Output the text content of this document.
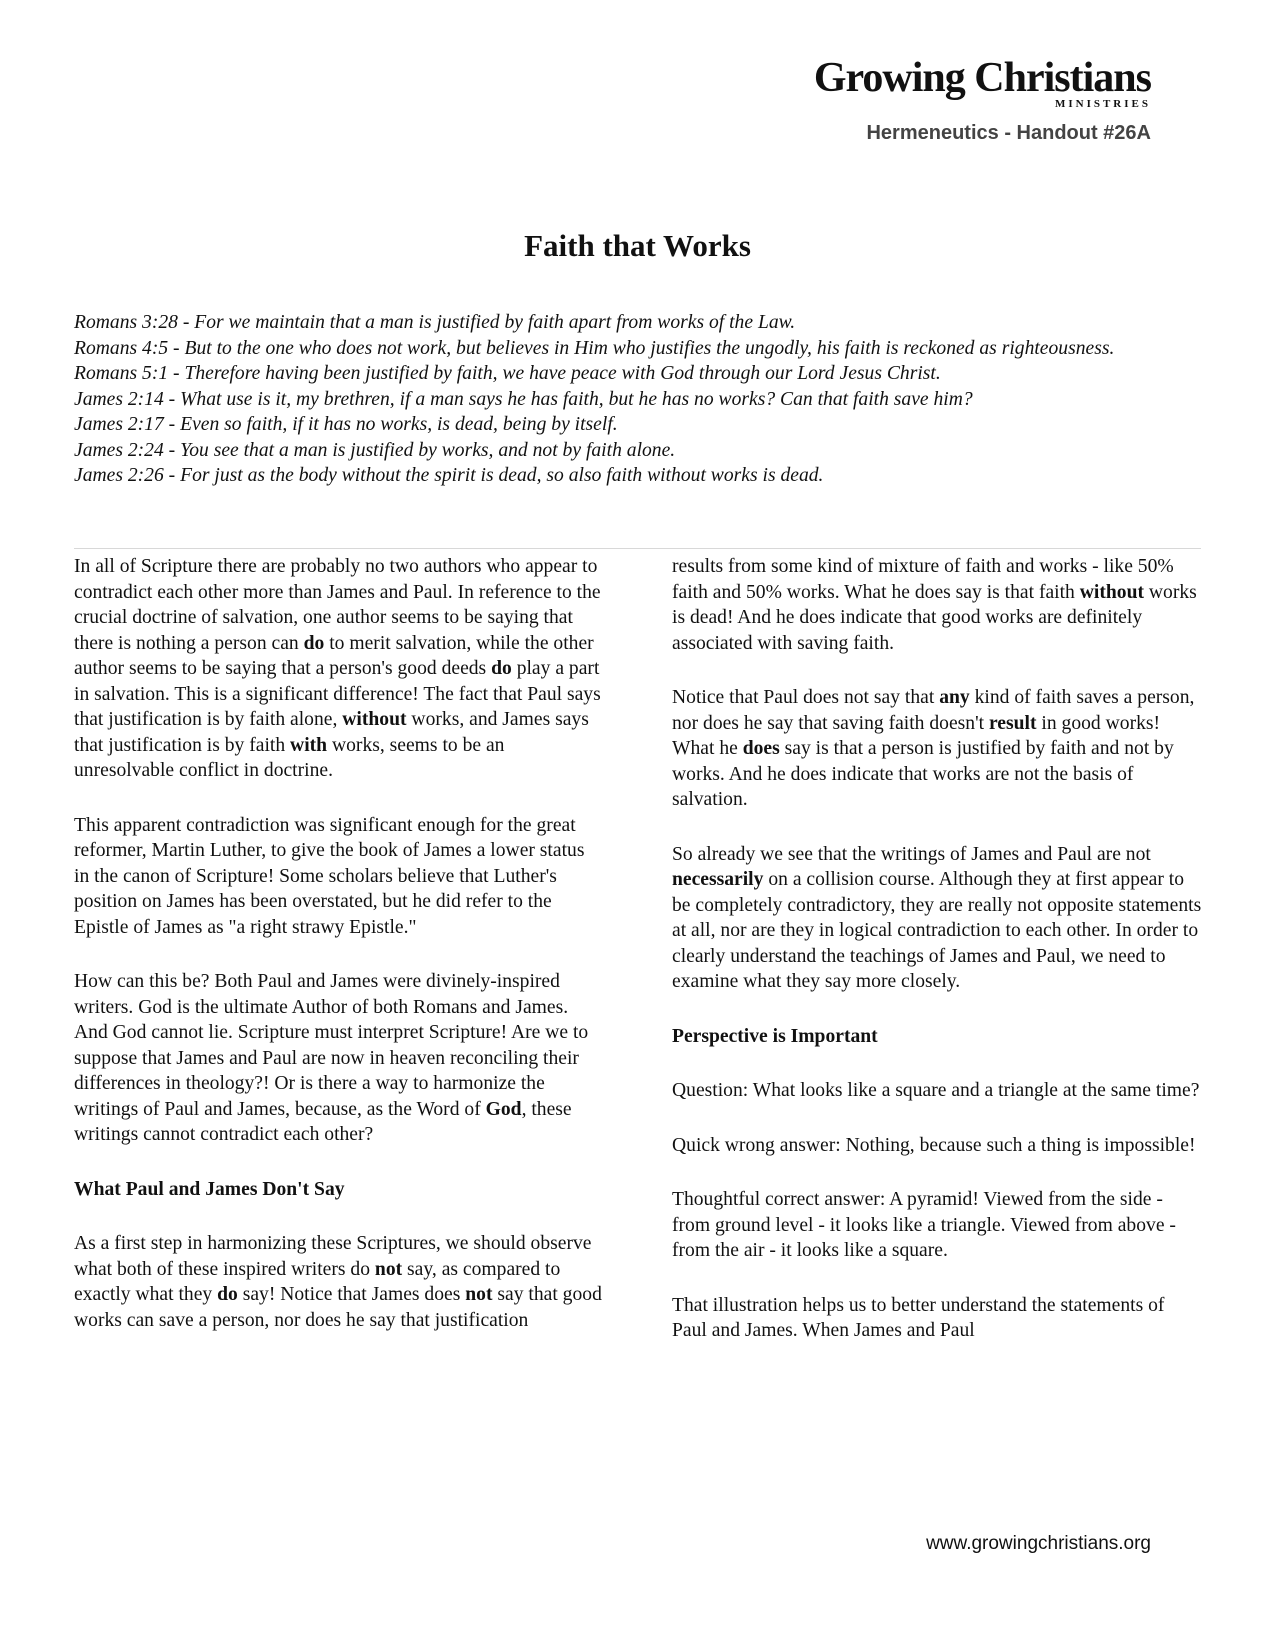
Growing Christians
MINISTRIES
Hermeneutics - Handout #26A
Faith that Works
Romans 3:28 - For we maintain that a man is justified by faith apart from works of the Law.
Romans 4:5 - But to the one who does not work, but believes in Him who justifies the ungodly, his faith is reckoned as righteousness.
Romans 5:1 - Therefore having been justified by faith, we have peace with God through our Lord Jesus Christ.
James 2:14 - What use is it, my brethren, if a man says he has faith, but he has no works? Can that faith save him?
James 2:17 - Even so faith, if it has no works, is dead, being by itself.
James 2:24 - You see that a man is justified by works, and not by faith alone.
James 2:26 - For just as the body without the spirit is dead, so also faith without works is dead.

In all of Scripture there are probably no two authors who appear to contradict each other more than James and Paul. In reference to the crucial doctrine of salvation, one author seems to be saying that there is nothing a person can do to merit salvation, while the other author seems to be saying that a person's good deeds do play a part in salvation. This is a significant difference! The fact that Paul says that justification is by faith alone, without works, and James says that justification is by faith with works, seems to be an unresolvable conflict in doctrine.

This apparent contradiction was significant enough for the great reformer, Martin Luther, to give the book of James a lower status in the canon of Scripture! Some scholars believe that Luther's position on James has been overstated, but he did refer to the Epistle of James as "a right strawy Epistle."

How can this be? Both Paul and James were divinely-inspired writers. God is the ultimate Author of both Romans and James. And God cannot lie. Scripture must interpret Scripture! Are we to suppose that James and Paul are now in heaven reconciling their differences in theology?! Or is there a way to harmonize the writings of Paul and James, because, as the Word of God, these writings cannot contradict each other?

What Paul and James Don't Say

As a first step in harmonizing these Scriptures, we should observe what both of these inspired writers do not say, as compared to exactly what they do say! Notice that James does not say that good works can save a person, nor does he say that justification

results from some kind of mixture of faith and works - like 50% faith and 50% works. What he does say is that faith without works is dead! And he does indicate that good works are definitely associated with saving faith.

Notice that Paul does not say that any kind of faith saves a person, nor does he say that saving faith doesn't result in good works! What he does say is that a person is justified by faith and not by works. And he does indicate that works are not the basis of salvation.

So already we see that the writings of James and Paul are not necessarily on a collision course. Although they at first appear to be completely contradictory, they are really not opposite statements at all, nor are they in logical contradiction to each other. In order to clearly understand the teachings of James and Paul, we need to examine what they say more closely.

Perspective is Important

Question: What looks like a square and a triangle at the same time?

Quick wrong answer: Nothing, because such a thing is impossible!

Thoughtful correct answer: A pyramid! Viewed from the side - from ground level - it looks like a triangle. Viewed from above - from the air - it looks like a square.

That illustration helps us to better understand the statements of Paul and James. When James and Paul

www.growingchristians.org
